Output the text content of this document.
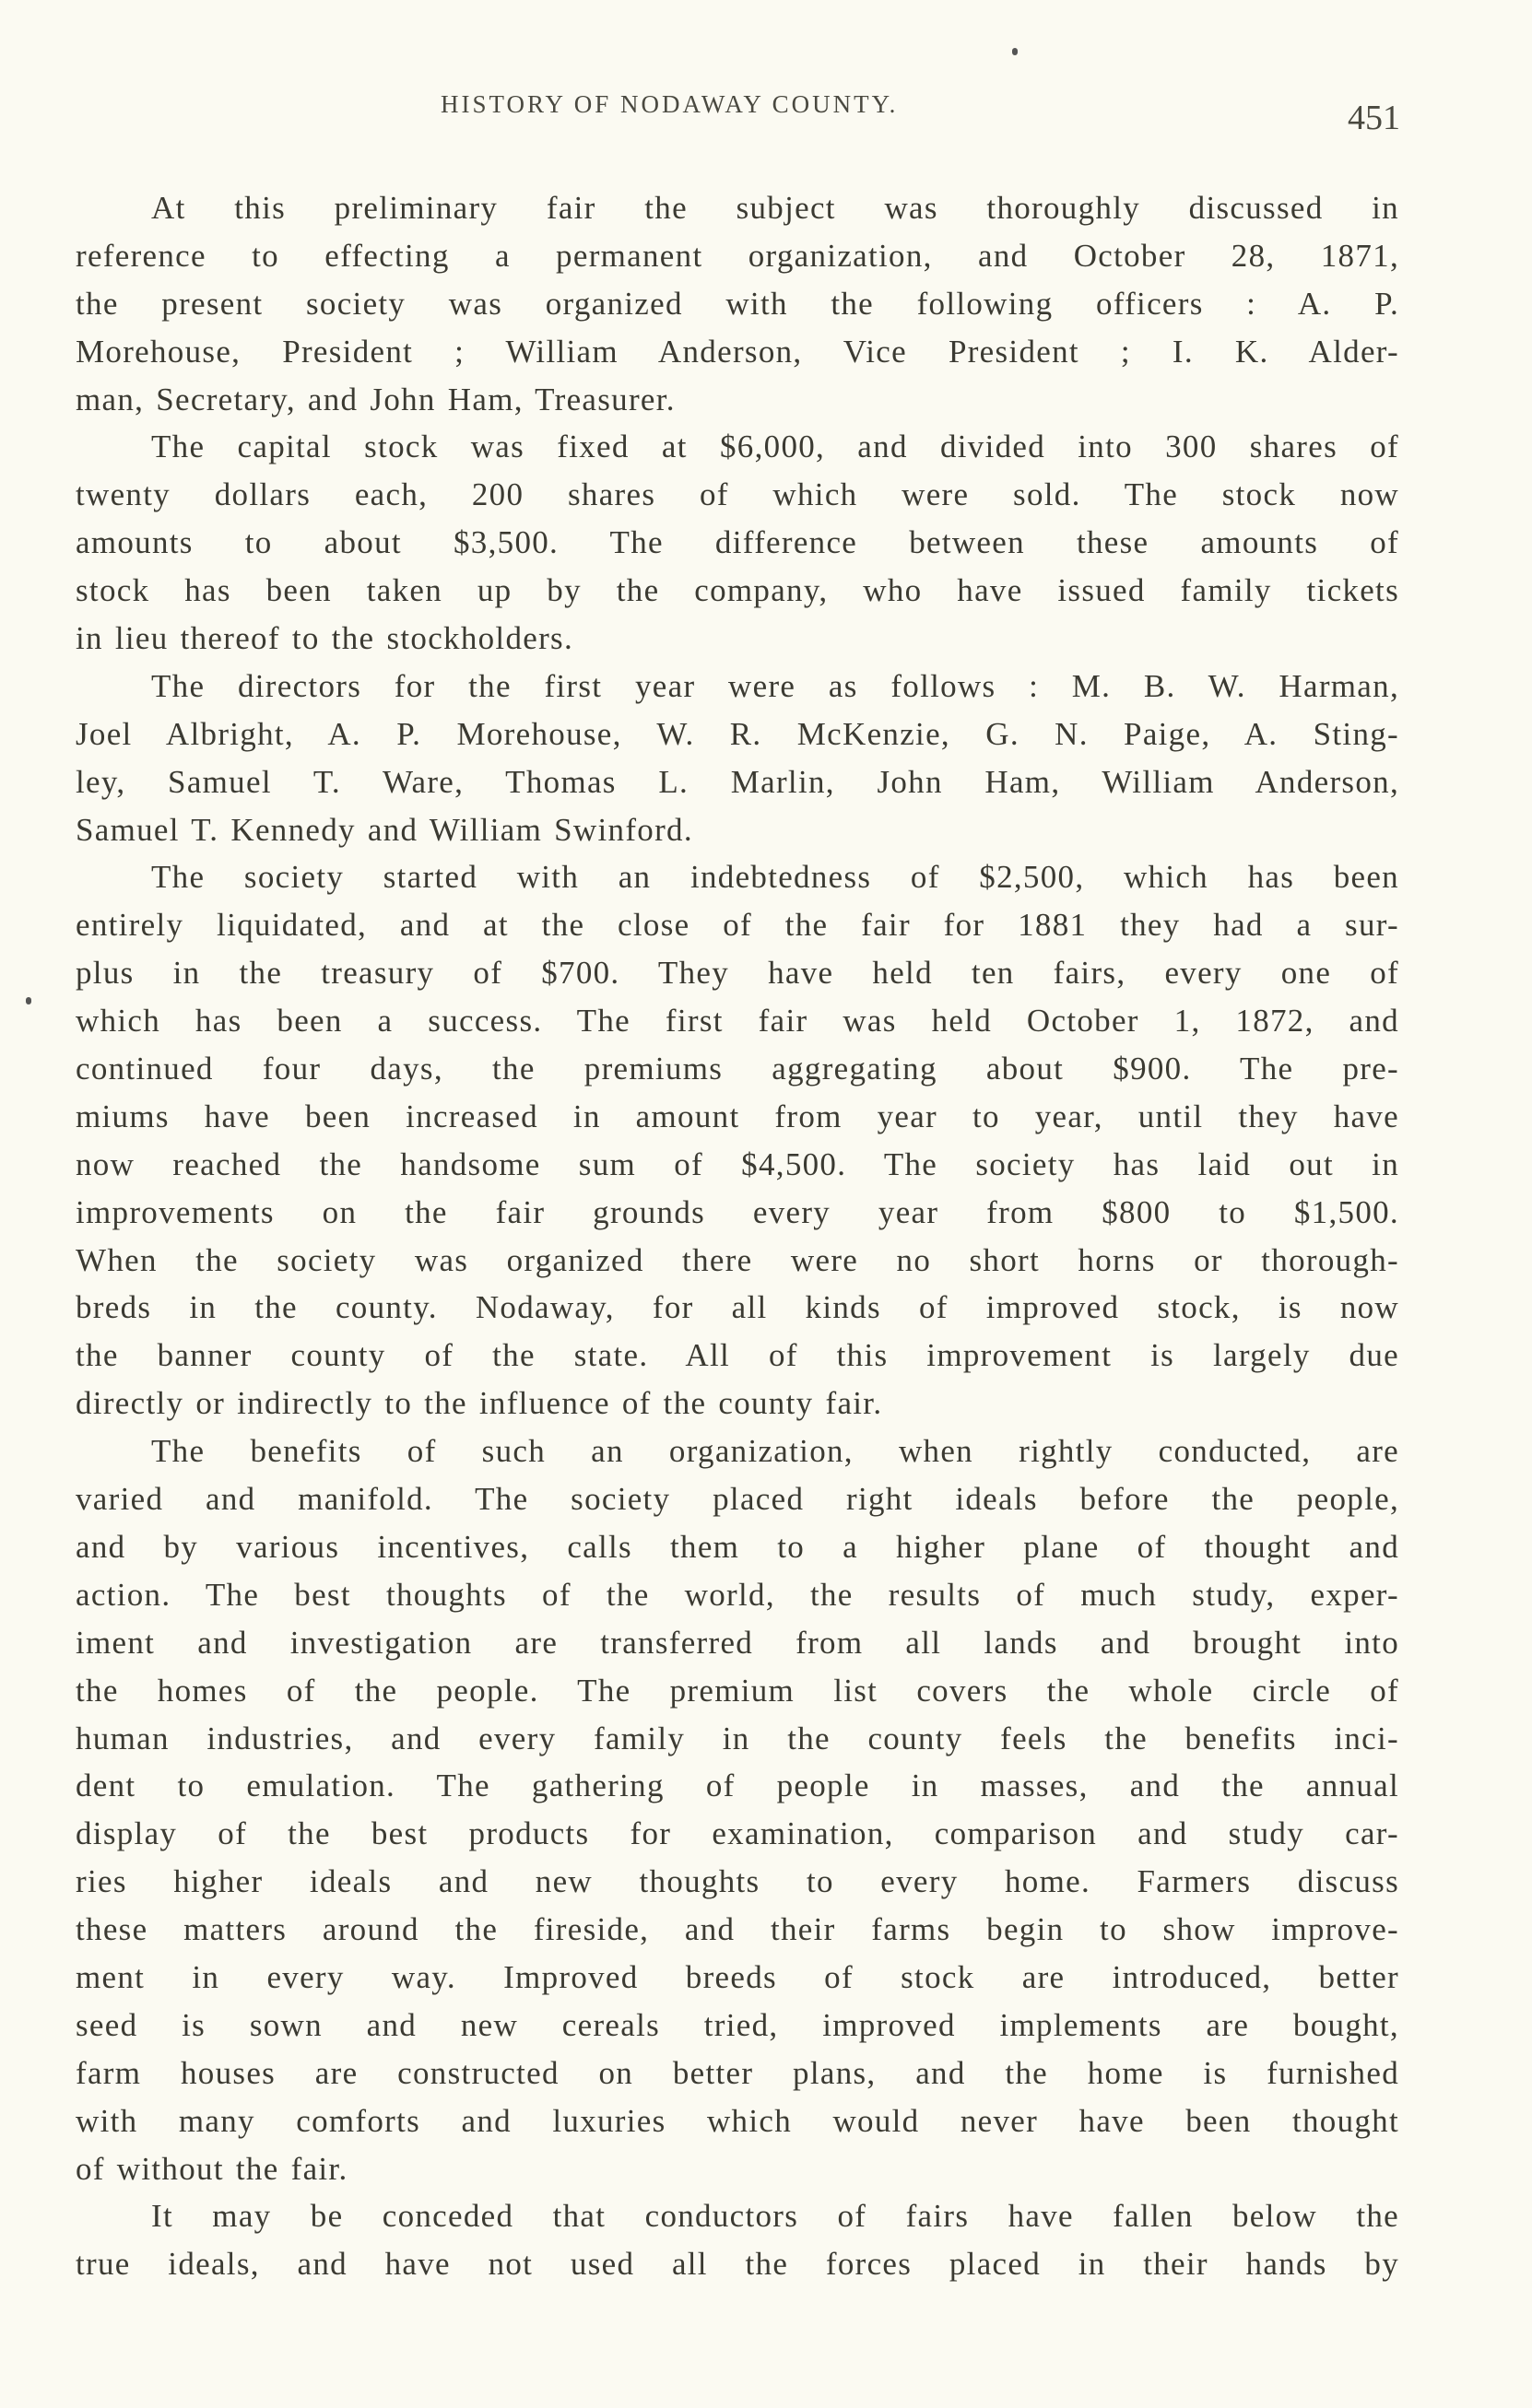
HISTORY OF NODAWAY COUNTY.	451
At this preliminary fair the subject was thoroughly discussed in
reference to effecting a permanent organization, and October 28, 1871,
the present society was organized with the following officers : A. P.
Morehouse, President ; William Anderson, Vice President ; I. K. Alder-
man, Secretary, and John Ham, Treasurer.
The capital stock was fixed at $6,000, and divided into 300 shares of
twenty dollars each, 200 shares of which were sold. The stock now
amounts to about $3,500. The difference between these amounts of
stock has been taken up by the company, who have issued family tickets
in lieu thereof to the stockholders.
The directors for the first year were as follows : M. B. W. Harman,
Joel Albright, A. P. Morehouse, W. R. McKenzie, G. N. Paige, A. Sting-
ley, Samuel T. Ware, Thomas L. Marlin, John Ham, William Anderson,
Samuel T. Kennedy and William Swinford.
The society started with an indebtedness of $2,500, which has been
entirely liquidated, and at the close of the fair for 1881 they had a sur-
plus in the treasury of $700. They have held ten fairs, every one of
which has been a success. The first fair was held October 1, 1872, and
continued four days, the premiums aggregating about $900. The pre-
miums have been increased in amount from year to year, until they have
now reached the handsome sum of $4,500. The society has laid out in
improvements on the fair grounds every year from $800 to $1,500.
When the society was organized there were no short horns or thorough-
breds in the county. Nodaway, for all kinds of improved stock, is now
the banner county of the state. All of this improvement is largely due
directly or indirectly to the influence of the county fair.
The benefits of such an organization, when rightly conducted, are
varied and manifold. The society placed right ideals before the people,
and by various incentives, calls them to a higher plane of thought and
action. The best thoughts of the world, the results of much study, exper-
iment and investigation are transferred from all lands and brought into
the homes of the people. The premium list covers the whole circle of
human industries, and every family in the county feels the benefits inci-
dent to emulation. The gathering of people in masses, and the annual
display of the best products for examination, comparison and study car-
ries higher ideals and new thoughts to every home. Farmers discuss
these matters around the fireside, and their farms begin to show improve-
ment in every way. Improved breeds of stock are introduced, better
seed is sown and new cereals tried, improved implements are bought,
farm houses are constructed on better plans, and the home is furnished
with many comforts and luxuries which would never have been thought
of without the fair.
It may be conceded that conductors of fairs have fallen below the
true ideals, and have not used all the forces placed in their hands by
